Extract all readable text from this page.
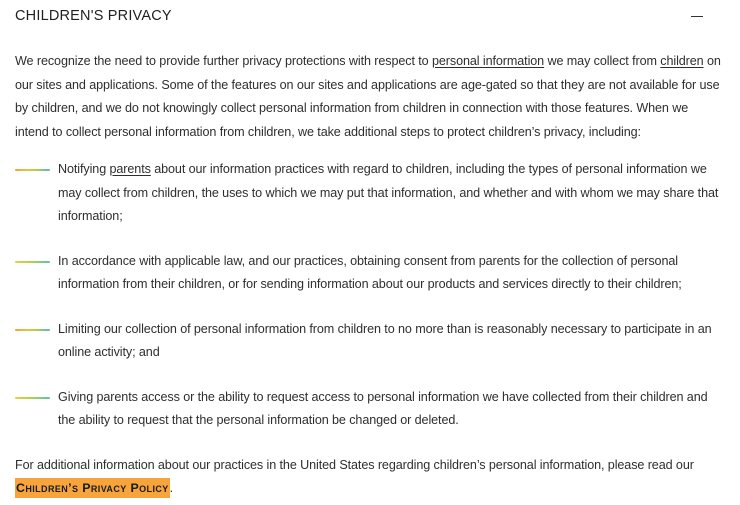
CHILDREN'S PRIVACY

We recognize the need to provide further privacy protections with respect to personal information we may collect from children on our sites and applications. Some of the features on our sites and applications are age-gated so that they are not available for use by children, and we do not knowingly collect personal information from children in connection with those features. When we intend to collect personal information from children, we take additional steps to protect children’s privacy, including:

Notifying parents about our information practices with regard to children, including the types of personal information we may collect from children, the uses to which we may put that information, and whether and with whom we may share that information;
In accordance with applicable law, and our practices, obtaining consent from parents for the collection of personal information from their children, or for sending information about our products and services directly to their children;
Limiting our collection of personal information from children to no more than is reasonably necessary to participate in an online activity; and
Giving parents access or the ability to request access to personal information we have collected from their children and the ability to request that the personal information be changed or deleted.

For additional information about our practices in the United States regarding children’s personal information, please read our
Children’s Privacy Policy.
